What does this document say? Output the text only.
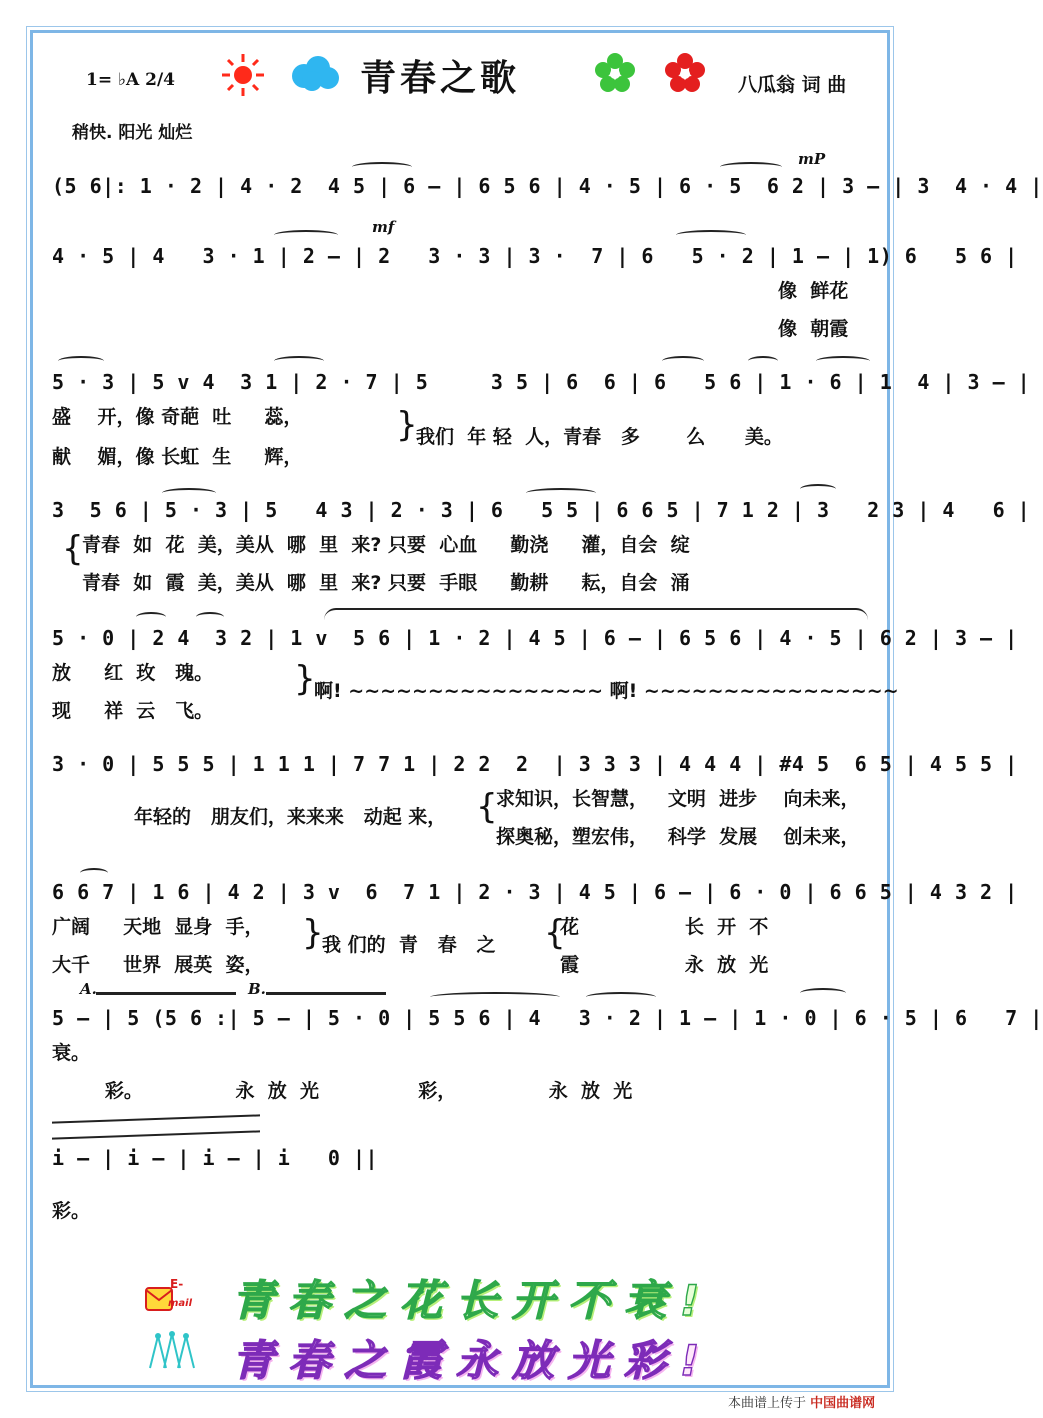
1= ♭A 2/4	青春之歌	八瓜翁 词 曲
稍快. 阳光 灿烂
mP
(5 6|: 1 · 2 | 4 · 2  4 5 | 6 — | 6 5 6 | 4 · 5 | 6 · 5  6 2 | 3 — | 3  4 · 4 |
mf
4 · 5 | 4   3 · 1 | 2 — | 2   3 · 3 | 3 ·  7 | 6   5 · 2 | 1 — | 1) 6   5 6 |
像  鲜花
像  朝霞
5 · 3 | 5 v 4  3 1 | 2 · 7 | 5     3 5 | 6  6 | 6   5 6 | 1 · 6 | 1  4 | 3 — |
盛    开，像 奇葩  吐     蕊，
献    媚，像 长虹  生     辉，
}
我们  年 轻  人，青春   多       么      美。
3  5 6 | 5 · 3 | 5   4 3 | 2 · 3 | 6   5 5 | 6 6 5 | 7 1 2 | 3   2 3 | 4   6 |
{
青春  如  花  美，美从  哪  里  来? 只要  心血     勤浇     灌，自会  绽
青春  如  霞  美，美从  哪  里  来? 只要  手眼     勤耕     耘，自会  涌
5 · 0 | 2 4  3 2 | 1 v  5 6 | 1 · 2 | 4 5 | 6 — | 6 5 6 | 4 · 5 | 6 2 | 3 — |
放     红  玫   瑰。
现     祥  云   飞。
}
啊! ~~~~~~~~~~~~~~~~ 啊! ~~~~~~~~~~~~~~~~
3 · 0 | 5 5 5 | 1 1 1 | 7 7 1 | 2 2  2  | 3 3 3 | 4 4 4 | #4 5  6 5 | 4 5 5 |
年轻的   朋友们，来来来   动起 来， {
求知识，长智慧，   文明  进步    向未来，
探奥秘，塑宏伟，   科学  发展    创未来，
6 6 7 | 1 6 | 4 2 | 3 v  6  7 1 | 2 · 3 | 4 5 | 6 — | 6 · 0 | 6 6 5 | 4 3 2 |
广阔     天地  显身  手，
大千     世界  展英  姿，
}
我 们的  青   春   之 {
花                长  开  不
霞                永  放  光
A.	B.
5 — | 5 (5 6 :| 5 — | 5 · 0 | 5 5 6 | 4   3 · 2 | 1 — | 1 · 0 | 6 · 5 | 6   7 |
衰。
彩。              永  放  光               彩，              永  放  光
i — | i — | i — | i   0 ||
彩。
E-
mail 青春之花长开不衰!
青春之霞永放光彩!
本曲谱上传于 中国曲谱网
